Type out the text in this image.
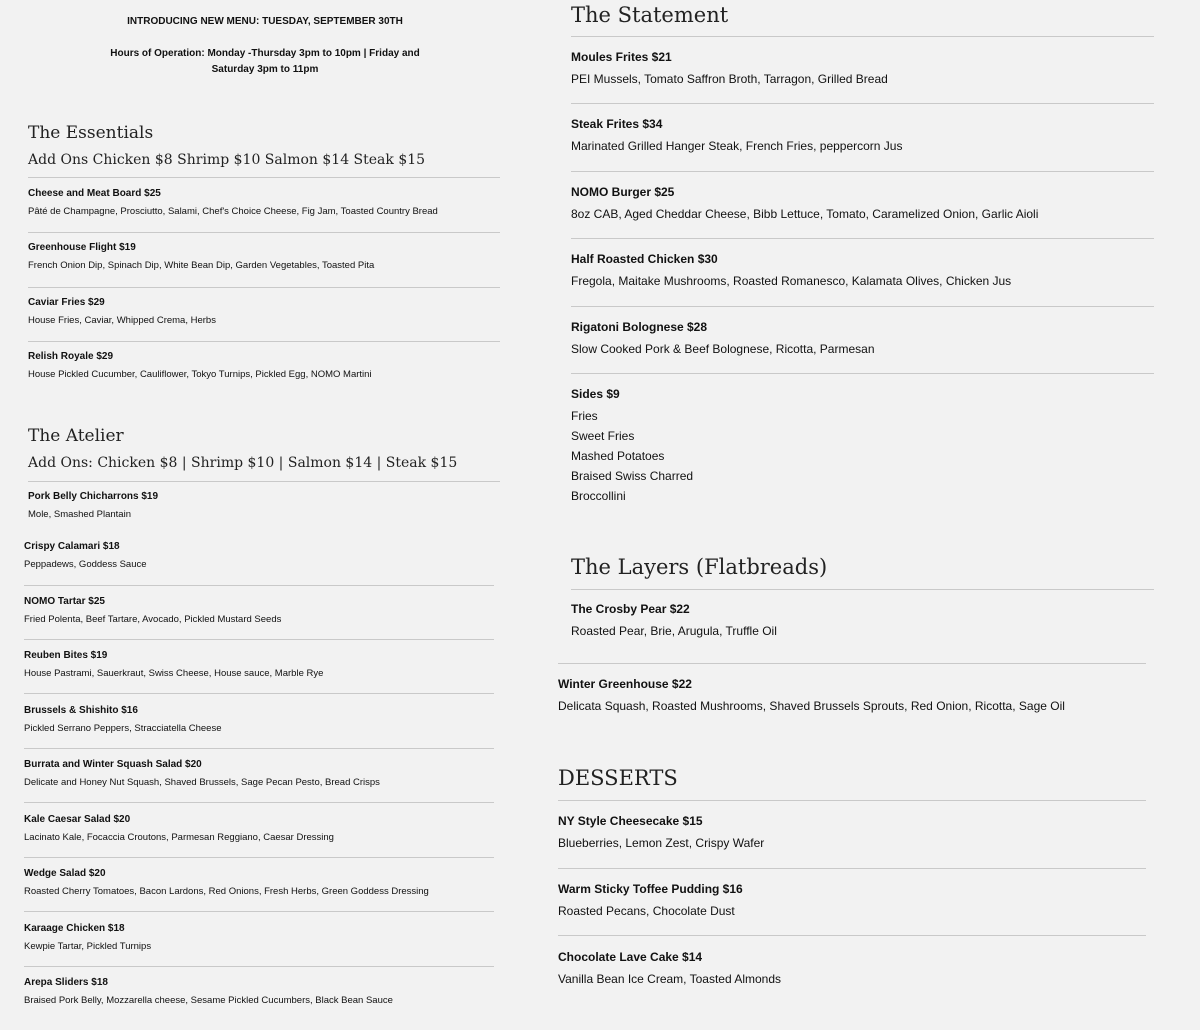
INTRODUCING NEW MENU: TUESDAY, SEPTEMBER 30TH
Hours of Operation: Monday -Thursday 3pm to 10pm | Friday and Saturday 3pm to 11pm
The Essentials
Add Ons Chicken $8 Shrimp $10 Salmon $14 Steak $15
Cheese and Meat Board $25
Pâté de Champagne, Prosciutto, Salami, Chef's Choice Cheese, Fig Jam, Toasted Country Bread
Greenhouse Flight $19
French Onion Dip, Spinach Dip, White Bean Dip, Garden Vegetables, Toasted Pita
Caviar Fries $29
House Fries, Caviar, Whipped Crema, Herbs
Relish Royale $29
House Pickled Cucumber, Cauliflower, Tokyo Turnips, Pickled Egg, NOMO Martini
The Atelier
Add Ons: Chicken $8 | Shrimp $10 | Salmon $14 | Steak $15
Pork Belly Chicharrons $19
Mole, Smashed Plantain
Crispy Calamari $18
Peppadews, Goddess Sauce
NOMO Tartar $25
Fried Polenta, Beef Tartare, Avocado, Pickled Mustard Seeds
Reuben Bites $19
House Pastrami, Sauerkraut, Swiss Cheese, House sauce, Marble Rye
Brussels & Shishito $16
Pickled Serrano Peppers, Stracciatella Cheese
Burrata and Winter Squash Salad $20
Delicate and Honey Nut Squash, Shaved Brussels, Sage Pecan Pesto, Bread Crisps
Kale Caesar Salad $20
Lacinato Kale, Focaccia Croutons, Parmesan Reggiano, Caesar Dressing
Wedge Salad $20
Roasted Cherry Tomatoes, Bacon Lardons, Red Onions, Fresh Herbs, Green Goddess Dressing
Karaage Chicken $18
Kewpie Tartar, Pickled Turnips
Arepa Sliders $18
Braised Pork Belly, Mozzarella cheese, Sesame Pickled Cucumbers, Black Bean Sauce
The Statement
Moules Frites $21
PEI Mussels, Tomato Saffron Broth, Tarragon, Grilled Bread
Steak Frites $34
Marinated Grilled Hanger Steak, French Fries, peppercorn Jus
NOMO Burger $25
8oz CAB, Aged Cheddar Cheese, Bibb Lettuce, Tomato, Caramelized Onion, Garlic Aioli
Half Roasted Chicken $30
Fregola, Maitake Mushrooms, Roasted Romanesco, Kalamata Olives, Chicken Jus
Rigatoni Bolognese $28
Slow Cooked Pork & Beef Bolognese, Ricotta, Parmesan
Sides $9
Fries
Sweet Fries
Mashed Potatoes
Braised Swiss Charred
Broccollini
The Layers (Flatbreads)
The Crosby Pear $22
Roasted Pear, Brie, Arugula, Truffle Oil
Winter Greenhouse $22
Delicata Squash, Roasted Mushrooms, Shaved Brussels Sprouts, Red Onion, Ricotta, Sage Oil
DESSERTS
NY Style Cheesecake $15
Blueberries, Lemon Zest, Crispy Wafer
Warm Sticky Toffee Pudding $16
Roasted Pecans, Chocolate Dust
Chocolate Lave Cake $14
Vanilla Bean Ice Cream, Toasted Almonds
